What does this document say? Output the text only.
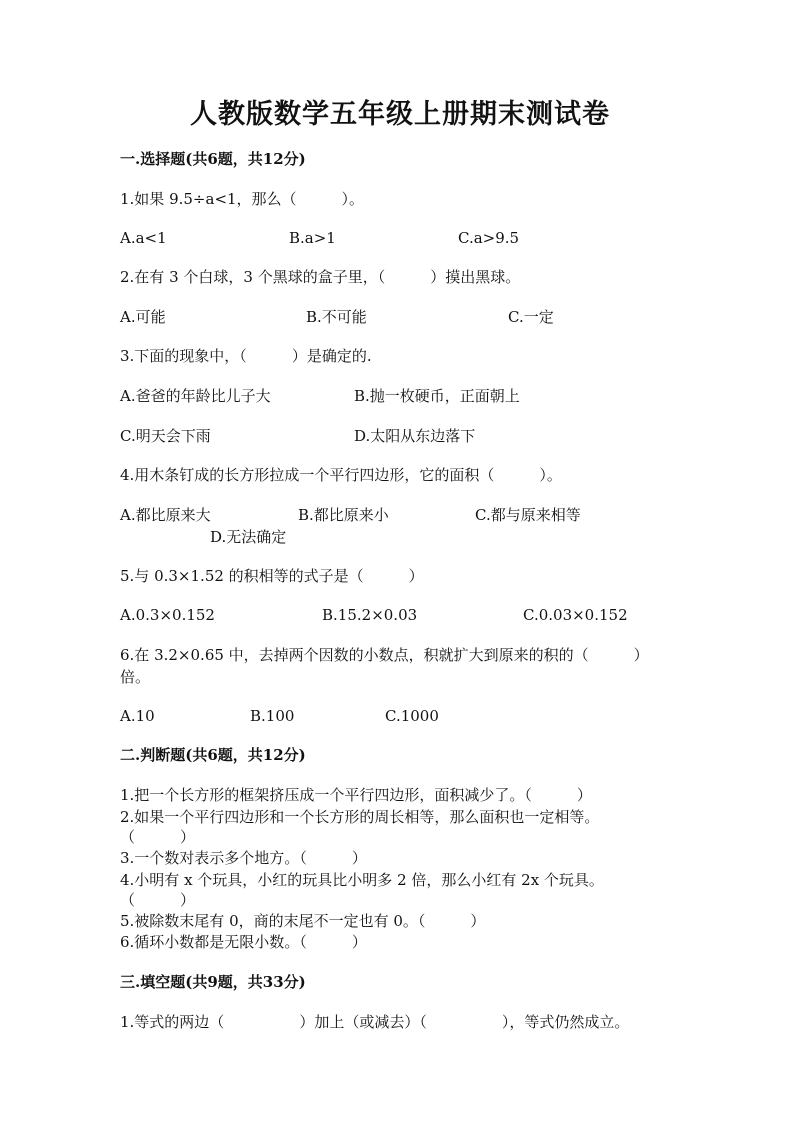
人教版数学五年级上册期末测试卷
一.选择题(共6题，共12分)
1.如果 9.5÷a<1，那么（　　　）。
A.a<1	B.a>1	C.a>9.5
2.在有 3 个白球，3 个黑球的盒子里，（　　　）摸出黑球。
A.可能	B.不可能	C.一定
3.下面的现象中，（　　　）是确定的.
A.爸爸的年龄比儿子大	B.抛一枚硬币，正面朝上
C.明天会下雨	D.太阳从东边落下
4.用木条钉成的长方形拉成一个平行四边形，它的面积（　　　）。
A.都比原来大	B.都比原来小	C.都与原来相等
D.无法确定
5.与 0.3×1.52 的积相等的式子是（　　　）
A.0.3×0.152	B.15.2×0.03	C.0.03×0.152
6.在 3.2×0.65 中，去掉两个因数的小数点，积就扩大到原来的积的（　　　）
倍。
A.10	B.100	C.1000
二.判断题(共6题，共12分)
1.把一个长方形的框架挤压成一个平行四边形，面积减少了。（　　　）
2.如果一个平行四边形和一个长方形的周长相等，那么面积也一定相等。
（　　　）
3.一个数对表示多个地方。（　　　）
4.小明有 x 个玩具，小红的玩具比小明多 2 倍，那么小红有 2x 个玩具。
（　　　）
5.被除数末尾有 0，商的末尾不一定也有 0。（　　　）
6.循环小数都是无限小数。（　　　）
三.填空题(共9题，共33分)
1.等式的两边（　　　　　）加上（或减去）（　　　　　），等式仍然成立。
